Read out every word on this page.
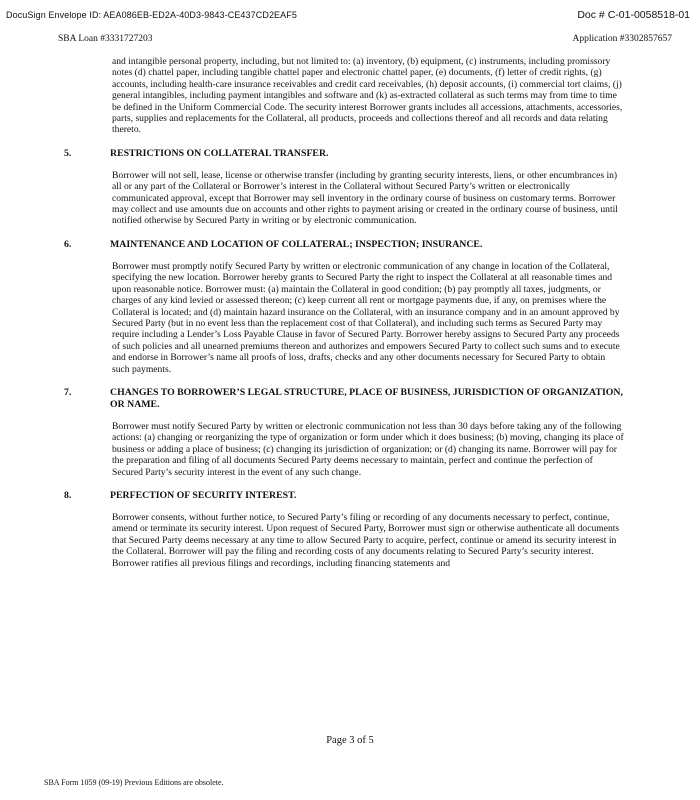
DocuSign Envelope ID: AEA086EB-ED2A-40D3-9843-CE437CD2EAF5	Doc # C-01-0058518-01
SBA Loan #3331727203	Application #3302857657

and intangible personal property, including, but not limited to: (a) inventory, (b) equipment, (c) instruments, including promissory notes (d) chattel paper, including tangible chattel paper and electronic chattel paper, (e) documents, (f) letter of credit rights, (g) accounts, including health-care insurance receivables and credit card receivables, (h) deposit accounts, (i) commercial tort claims, (j) general intangibles, including payment intangibles and software and (k) as-extracted collateral as such terms may from time to time be defined in the Uniform Commercial Code. The security interest Borrower grants includes all accessions, attachments, accessories, parts, supplies and replacements for the Collateral, all products, proceeds and collections thereof and all records and data relating thereto.

5.	RESTRICTIONS ON COLLATERAL TRANSFER.

Borrower will not sell, lease, license or otherwise transfer (including by granting security interests, liens, or other encumbrances in) all or any part of the Collateral or Borrower’s interest in the Collateral without Secured Party’s written or electronically communicated approval, except that Borrower may sell inventory in the ordinary course of business on customary terms. Borrower may collect and use amounts due on accounts and other rights to payment arising or created in the ordinary course of business, until notified otherwise by Secured Party in writing or by electronic communication.

6.	MAINTENANCE AND LOCATION OF COLLATERAL; INSPECTION; INSURANCE.

Borrower must promptly notify Secured Party by written or electronic communication of any change in location of the Collateral, specifying the new location. Borrower hereby grants to Secured Party the right to inspect the Collateral at all reasonable times and upon reasonable notice. Borrower must: (a) maintain the Collateral in good condition; (b) pay promptly all taxes, judgments, or charges of any kind levied or assessed thereon; (c) keep current all rent or mortgage payments due, if any, on premises where the Collateral is located; and (d) maintain hazard insurance on the Collateral, with an insurance company and in an amount approved by Secured Party (but in no event less than the replacement cost of that Collateral), and including such terms as Secured Party may require including a Lender’s Loss Payable Clause in favor of Secured Party. Borrower hereby assigns to Secured Party any proceeds of such policies and all unearned premiums thereon and authorizes and empowers Secured Party to collect such sums and to execute and endorse in Borrower’s name all proofs of loss, drafts, checks and any other documents necessary for Secured Party to obtain such payments.

7.	CHANGES TO BORROWER’S LEGAL STRUCTURE, PLACE OF BUSINESS, JURISDICTION OF ORGANIZATION, OR NAME.

Borrower must notify Secured Party by written or electronic communication not less than 30 days before taking any of the following actions: (a) changing or reorganizing the type of organization or form under which it does business; (b) moving, changing its place of business or adding a place of business; (c) changing its jurisdiction of organization; or (d) changing its name. Borrower will pay for the preparation and filing of all documents Secured Party deems necessary to maintain, perfect and continue the perfection of Secured Party’s security interest in the event of any such change.

8.	PERFECTION OF SECURITY INTEREST.

Borrower consents, without further notice, to Secured Party’s filing or recording of any documents necessary to perfect, continue, amend or terminate its security interest. Upon request of Secured Party, Borrower must sign or otherwise authenticate all documents that Secured Party deems necessary at any time to allow Secured Party to acquire, perfect, continue or amend its security interest in the Collateral. Borrower will pay the filing and recording costs of any documents relating to Secured Party’s security interest. Borrower ratifies all previous filings and recordings, including financing statements and

Page 3 of 5
SBA Form 1059 (09-19) Previous Editions are obsolete.
